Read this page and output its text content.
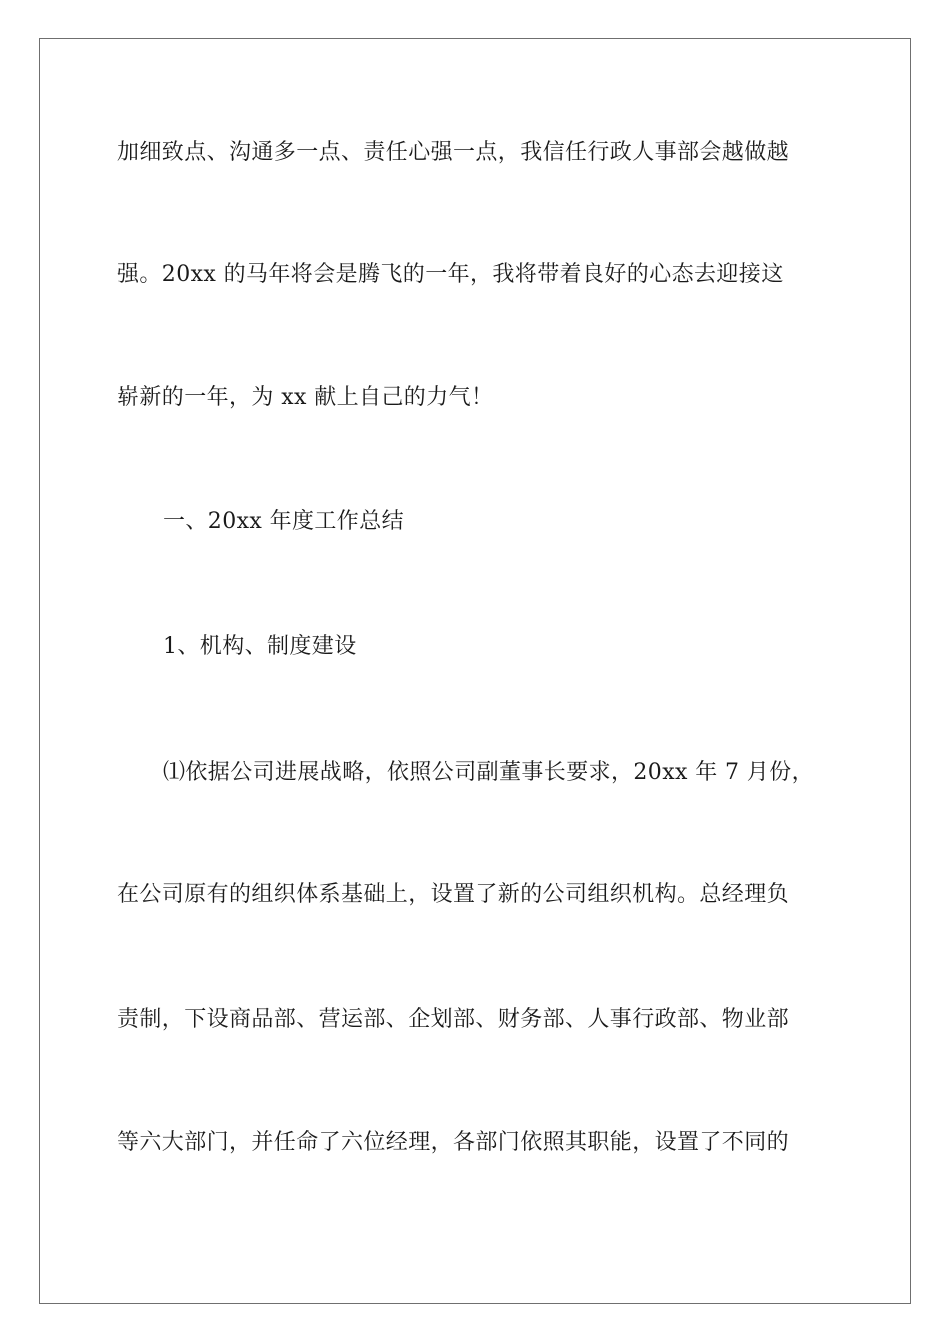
加细致点、沟通多一点、责任心强一点，我信任行政人事部会越做越
强。20xx 的马年将会是腾飞的一年，我将带着良好的心态去迎接这
崭新的一年，为 xx 献上自己的力气！
一、20xx 年度工作总结
1、机构、制度建设
⑴依据公司进展战略，依照公司副董事长要求，20xx 年 7 月份，
在公司原有的组织体系基础上，设置了新的公司组织机构。总经理负
责制，下设商品部、营运部、企划部、财务部、人事行政部、物业部
等六大部门，并任命了六位经理，各部门依照其职能，设置了不同的
